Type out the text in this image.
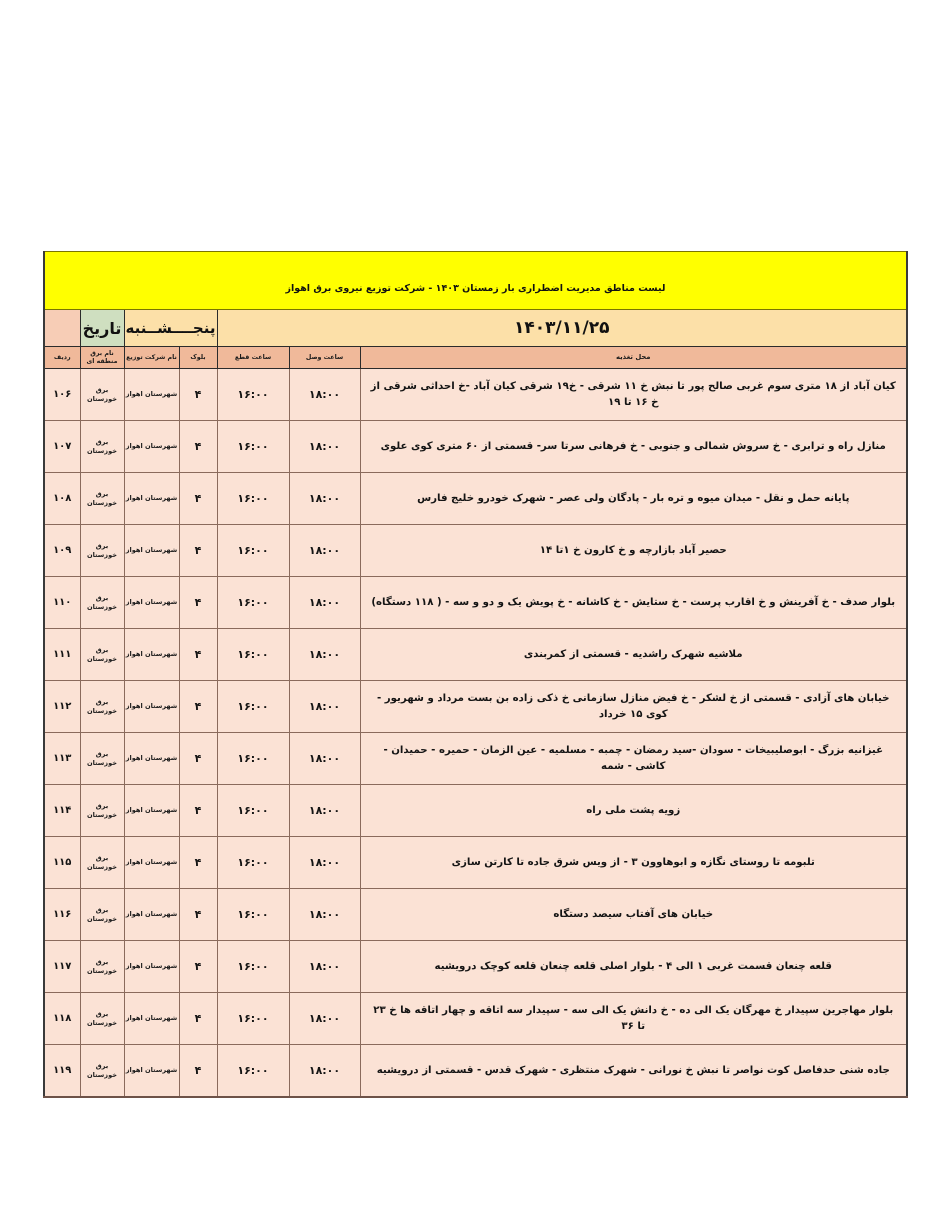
لیست مناطق مدیریت اضطراری بار زمستان ۱۴۰۳ - شرکت توزیع نیروی برق اهواز						

۱۴۰۳/۱۱/۲۵			پنجــــشــنبه		تاریخ	
محل تغذیه	ساعت وصل	ساعت قطع	بلوک	نام شرکت توزیع	نام برق منطقه ای	ردیف
کیان آباد از ۱۸ متری سوم غربی صالح پور تا نبش خ ۱۱ شرقی - خ۱۹ شرقی کیان آباد -خ احداثی شرقی از خ ۱۶ تا ۱۹	۱۸:۰۰	۱۶:۰۰	۴	شهرستان اهواز	برق خوزستان	۱۰۶
منازل راه و ترابری - خ سروش شمالی و جنوبی - خ فرهانی سرتا سر- قسمتی از ۶۰ متری کوی علوی	۱۸:۰۰	۱۶:۰۰	۴	شهرستان اهواز	برق خوزستان	۱۰۷
پایانه حمل و نقل - میدان میوه و تره بار - پادگان ولی عصر - شهرک خودرو خلیج فارس	۱۸:۰۰	۱۶:۰۰	۴	شهرستان اهواز	برق خوزستان	۱۰۸
حصیر آباد بازارچه و خ کارون خ ۱تا ۱۴	۱۸:۰۰	۱۶:۰۰	۴	شهرستان اهواز	برق خوزستان	۱۰۹
بلوار صدف - خ آفرینش و خ اقارب پرست - خ ستایش - خ کاشانه - خ پویش یک و دو و سه - ( ۱۱۸ دستگاه)	۱۸:۰۰	۱۶:۰۰	۴	شهرستان اهواز	برق خوزستان	۱۱۰
ملاشیه شهرک راشدیه - قسمتی از کمربندی	۱۸:۰۰	۱۶:۰۰	۴	شهرستان اهواز	برق خوزستان	۱۱۱
خیابان های آزادی - قسمتی از خ لشکر - خ فیض منازل سازمانی خ ذکی زاده بن بست مرداد و شهریور - کوی ۱۵ خرداد	۱۸:۰۰	۱۶:۰۰	۴	شهرستان اهواز	برق خوزستان	۱۱۲
غیزانیه بزرگ - ابوصلیبیخات - سودان -سید رمضان - چمبه - مسلمیه - عین الزمان - حمیره - حمیدان - کاشی - شمه	۱۸:۰۰	۱۶:۰۰	۴	شهرستان اهواز	برق خوزستان	۱۱۳
زویه پشت ملی راه	۱۸:۰۰	۱۶:۰۰	۴	شهرستان اهواز	برق خوزستان	۱۱۴
تلبومه تا روستای نگازه و ابوهاوون ۳ - از ویس شرق جاده تا کارتن سازی	۱۸:۰۰	۱۶:۰۰	۴	شهرستان اهواز	برق خوزستان	۱۱۵
خیابان های آفتاب سیصد دستگاه	۱۸:۰۰	۱۶:۰۰	۴	شهرستان اهواز	برق خوزستان	۱۱۶
قلعه چنعان قسمت غربی ۱ الی ۴ - بلوار اصلی قلعه چنعان قلعه کوچک درویشیه	۱۸:۰۰	۱۶:۰۰	۴	شهرستان اهواز	برق خوزستان	۱۱۷
بلوار مهاجرین سپیدار خ مهرگان یک الی ده - خ دانش یک الی سه - سپیدار سه اتاقه و چهار اتاقه ها خ ۲۳ تا ۳۶	۱۸:۰۰	۱۶:۰۰	۴	شهرستان اهواز	برق خوزستان	۱۱۸
جاده شنی حدفاصل کوت نواصر تا نبش خ نورانی - شهرک منتظری - شهرک قدس - قسمتی از درویشیه	۱۸:۰۰	۱۶:۰۰	۴	شهرستان اهواز	برق خوزستان	۱۱۹
